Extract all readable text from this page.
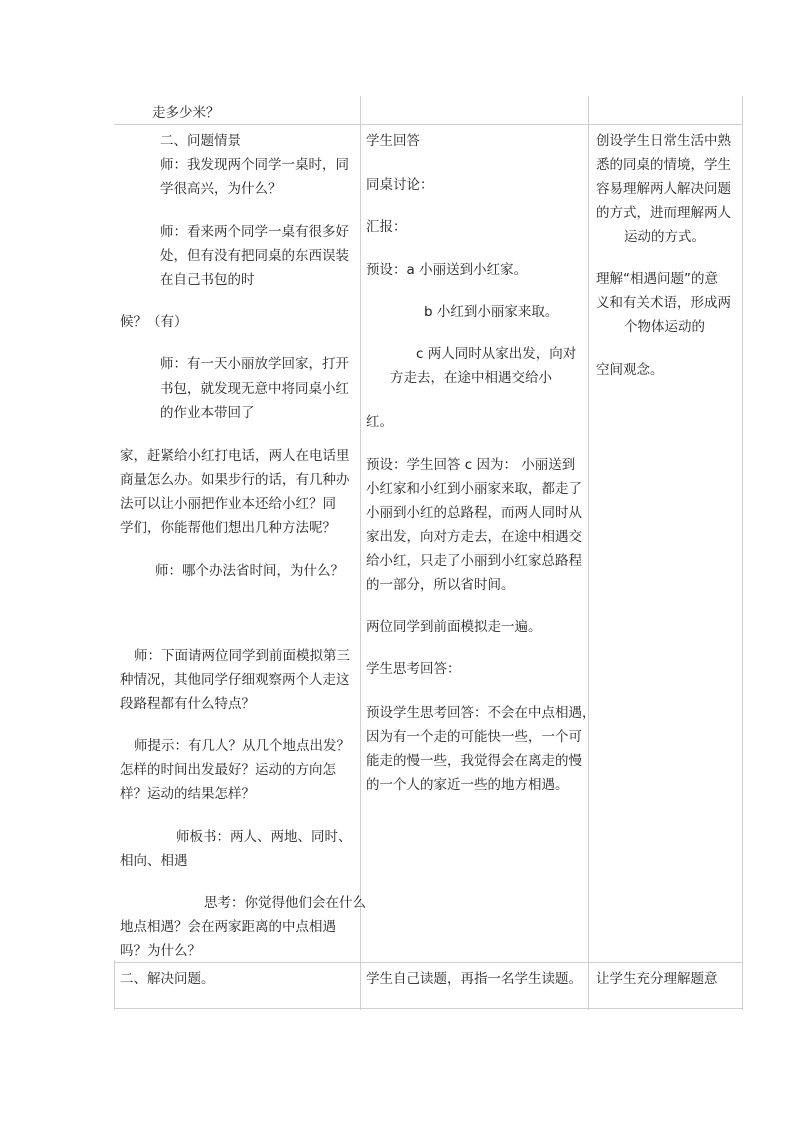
走多少米？
二、问题情景
师：我发现两个同学一桌时，同
学很高兴，为什么？
师：看来两个同学一桌有很多好
处，但有没有把同桌的东西误装
在自己书包的时
候？（有）
师：有一天小丽放学回家，打开
书包，就发现无意中将同桌小红
的作业本带回了
家，赶紧给小红打电话，两人在电话里
商量怎么办。如果步行的话，有几种办
法可以让小丽把作业本还给小红？同
学们，你能帮他们想出几种方法呢？
师：哪个办法省时间，为什么？
师：下面请两位同学到前面模拟第三
种情况，其他同学仔细观察两个人走这
段路程都有什么特点？
师提示：有几人？从几个地点出发？
怎样的时间出发最好？运动的方向怎
样？运动的结果怎样？
师板书：两人、两地、同时、
相向、相遇
思考：你觉得他们会在什么
地点相遇？会在两家距离的中点相遇
吗？为什么？
二、解决问题。
学生回答
同桌讨论：
汇报：
预设：a 小丽送到小红家。
b 小红到小丽家来取。
c 两人同时从家出发，向对
方走去，在途中相遇交给小
红。
预设：学生回答 c 因为： 小丽送到
小红家和小红到小丽家来取，都走了
小丽到小红的总路程，而两人同时从
家出发，向对方走去，在途中相遇交
给小红，只走了小丽到小红家总路程
的一部分，所以省时间。
两位同学到前面模拟走一遍。
学生思考回答：
预设学生思考回答：不会在中点相遇，
因为有一个走的可能快一些，一个可
能走的慢一些，我觉得会在离走的慢
的一个人的家近一些的地方相遇。
学生自己读题，再指一名学生读题。
创设学生日常生活中熟
悉的同桌的情境，学生
容易理解两人解决问题
的方式，进而理解两人
运动的方式。
理解“相遇问题”的意
义和有关术语，形成两
个物体运动的
空间观念。
让学生充分理解题意
